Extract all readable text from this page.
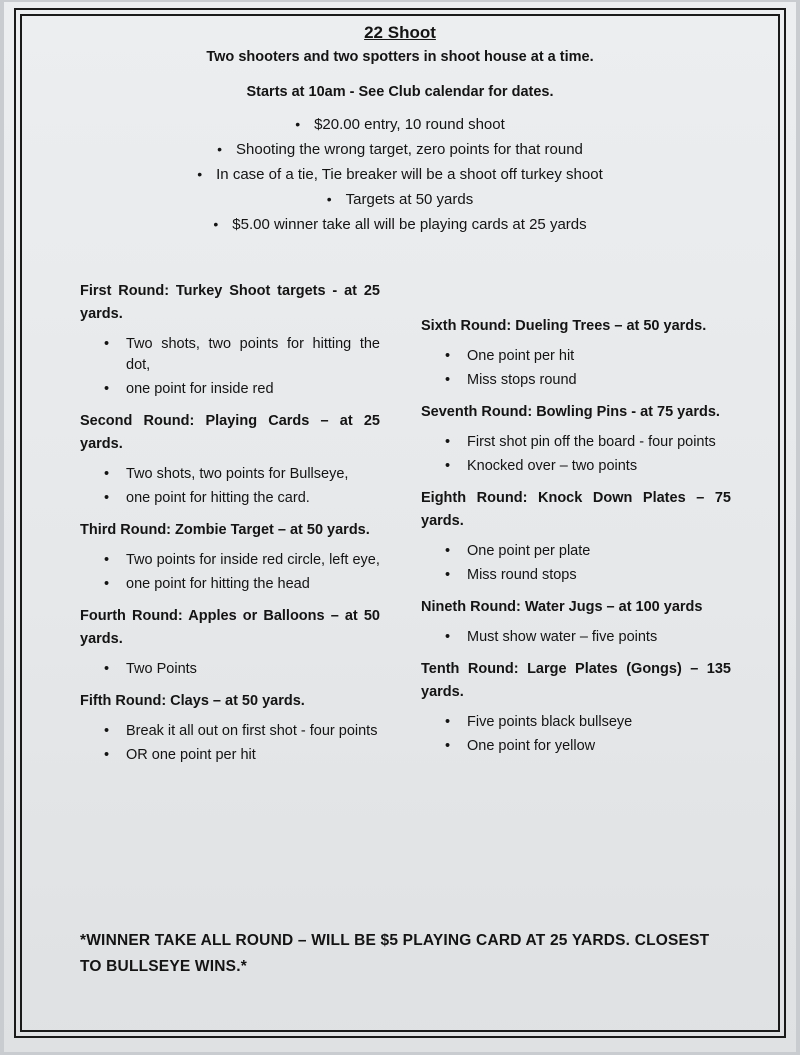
22 Shoot
Two shooters and two spotters in shoot house at a time.
Starts at 10am - See Club calendar for dates.
• $20.00 entry, 10 round shoot
• Shooting the wrong target, zero points for that round
• In case of a tie, Tie breaker will be a shoot off turkey shoot
• Targets at 50 yards
• $5.00 winner take all will be playing cards at 25 yards
First Round: Turkey Shoot targets - at 25 yards.
• Two shots, two points for hitting the dot,
• one point for inside red
Second Round: Playing Cards – at 25 yards.
• Two shots, two points for Bullseye,
• one point for hitting the card.
Third Round: Zombie Target – at 50 yards.
• Two points for inside red circle, left eye,
• one point for hitting the head
Fourth Round: Apples or Balloons – at 50 yards.
• Two Points
Fifth Round: Clays – at 50 yards.
• Break it all out on first shot - four points
• OR one point per hit
Sixth Round: Dueling Trees – at 50 yards.
• One point per hit
• Miss stops round
Seventh Round: Bowling Pins - at 75 yards.
• First shot pin off the board - four points
• Knocked over – two points
Eighth Round: Knock Down Plates – 75 yards.
• One point per plate
• Miss round stops
Nineth Round: Water Jugs – at 100 yards
• Must show water – five points
Tenth Round: Large Plates (Gongs) – 135 yards.
• Five points black bullseye
• One point for yellow
*WINNER TAKE ALL ROUND – WILL BE $5 PLAYING CARD AT 25 YARDS. CLOSEST TO BULLSEYE WINS.*
